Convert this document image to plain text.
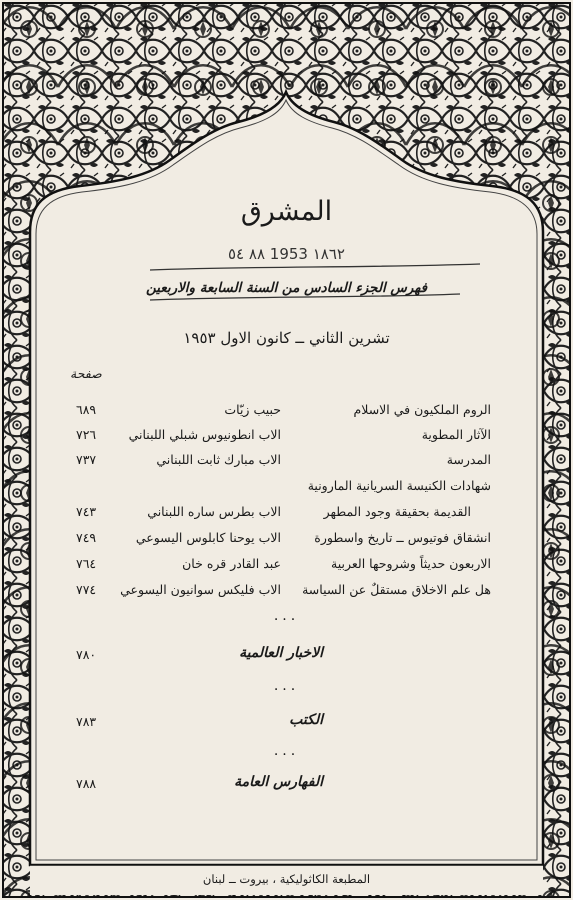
المشرق
٨٨ ٥٤ 1953 ١٨٦٢
فهرس الجزء السادس من السنة السابعة والاربعين
تشرين الثاني ــ كانون الاول ١٩٥٣
صفحة
الروم الملكيون في الاسلام
حبيب زيّات
٦٨٩
الآثار المطوية
الاب انطونيوس شبلي اللبناني
٧٢٦
المدرسة
الاب مبارك ثابت اللبناني
٧٣٧
شهادات الكنيسة السريانية المارونية
القديمة بحقيقة وجود المطهر
الاب بطرس ساره اللبناني
٧٤٣
انشقاق فوتيوس ــ تاريخ واسطورة
الاب يوحنا كابلوس اليسوعي
٧٤٩
الاربعون حديثاً وشروحها العربية
عبد القادر قره خان
٧٦٤
هل علم الاخلاق مستقلٌ عن السياسة
الاب فليكس سوانيون اليسوعي
٧٧٤
...
الاخبار العالمية
٧٨٠
...
الكتب
٧٨٣
...
الفهارس العامة
٧٨٨
المطبعة الكاثوليكية ، بيروت ــ لبنان
